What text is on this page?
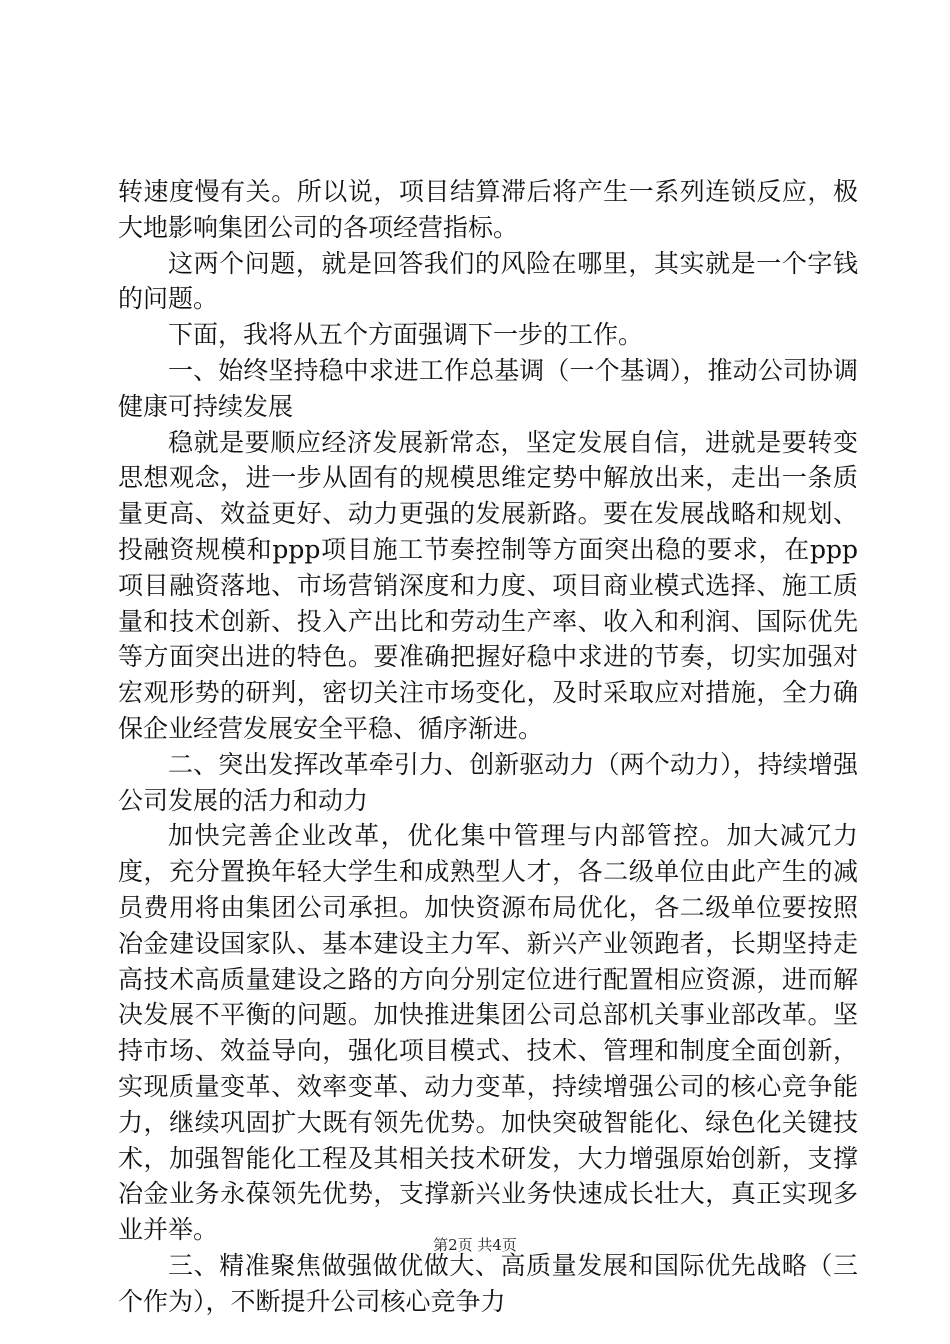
转速度慢有关。所以说，项目结算滞后将产生一系列连锁反应，极大地影响集团公司的各项经营指标。

这两个问题，就是回答我们的风险在哪里，其实就是一个字钱的问题。

下面，我将从五个方面强调下一步的工作。

一、始终坚持稳中求进工作总基调（一个基调），推动公司协调健康可持续发展

稳就是要顺应经济发展新常态，坚定发展自信，进就是要转变思想观念，进一步从固有的规模思维定势中解放出来，走出一条质量更高、效益更好、动力更强的发展新路。要在发展战略和规划、投融资规模和ppp项目施工节奏控制等方面突出稳的要求，在ppp项目融资落地、市场营销深度和力度、项目商业模式选择、施工质量和技术创新、投入产出比和劳动生产率、收入和利润、国际优先等方面突出进的特色。要准确把握好稳中求进的节奏，切实加强对宏观形势的研判，密切关注市场变化，及时采取应对措施，全力确保企业经营发展安全平稳、循序渐进。

二、突出发挥改革牵引力、创新驱动力（两个动力），持续增强公司发展的活力和动力

加快完善企业改革，优化集中管理与内部管控。加大减冗力度，充分置换年轻大学生和成熟型人才，各二级单位由此产生的减员费用将由集团公司承担。加快资源布局优化，各二级单位要按照冶金建设国家队、基本建设主力军、新兴产业领跑者，长期坚持走高技术高质量建设之路的方向分别定位进行配置相应资源，进而解决发展不平衡的问题。加快推进集团公司总部机关事业部改革。坚持市场、效益导向，强化项目模式、技术、管理和制度全面创新，实现质量变革、效率变革、动力变革，持续增强公司的核心竞争能力，继续巩固扩大既有领先优势。加快突破智能化、绿色化关键技术，加强智能化工程及其相关技术研发，大力增强原始创新，支撑冶金业务永葆领先优势，支撑新兴业务快速成长壮大，真正实现多业并举。

三、精准聚焦做强做优做大、高质量发展和国际优先战略（三个作为），不断提升公司核心竞争力

第2页 共4页
